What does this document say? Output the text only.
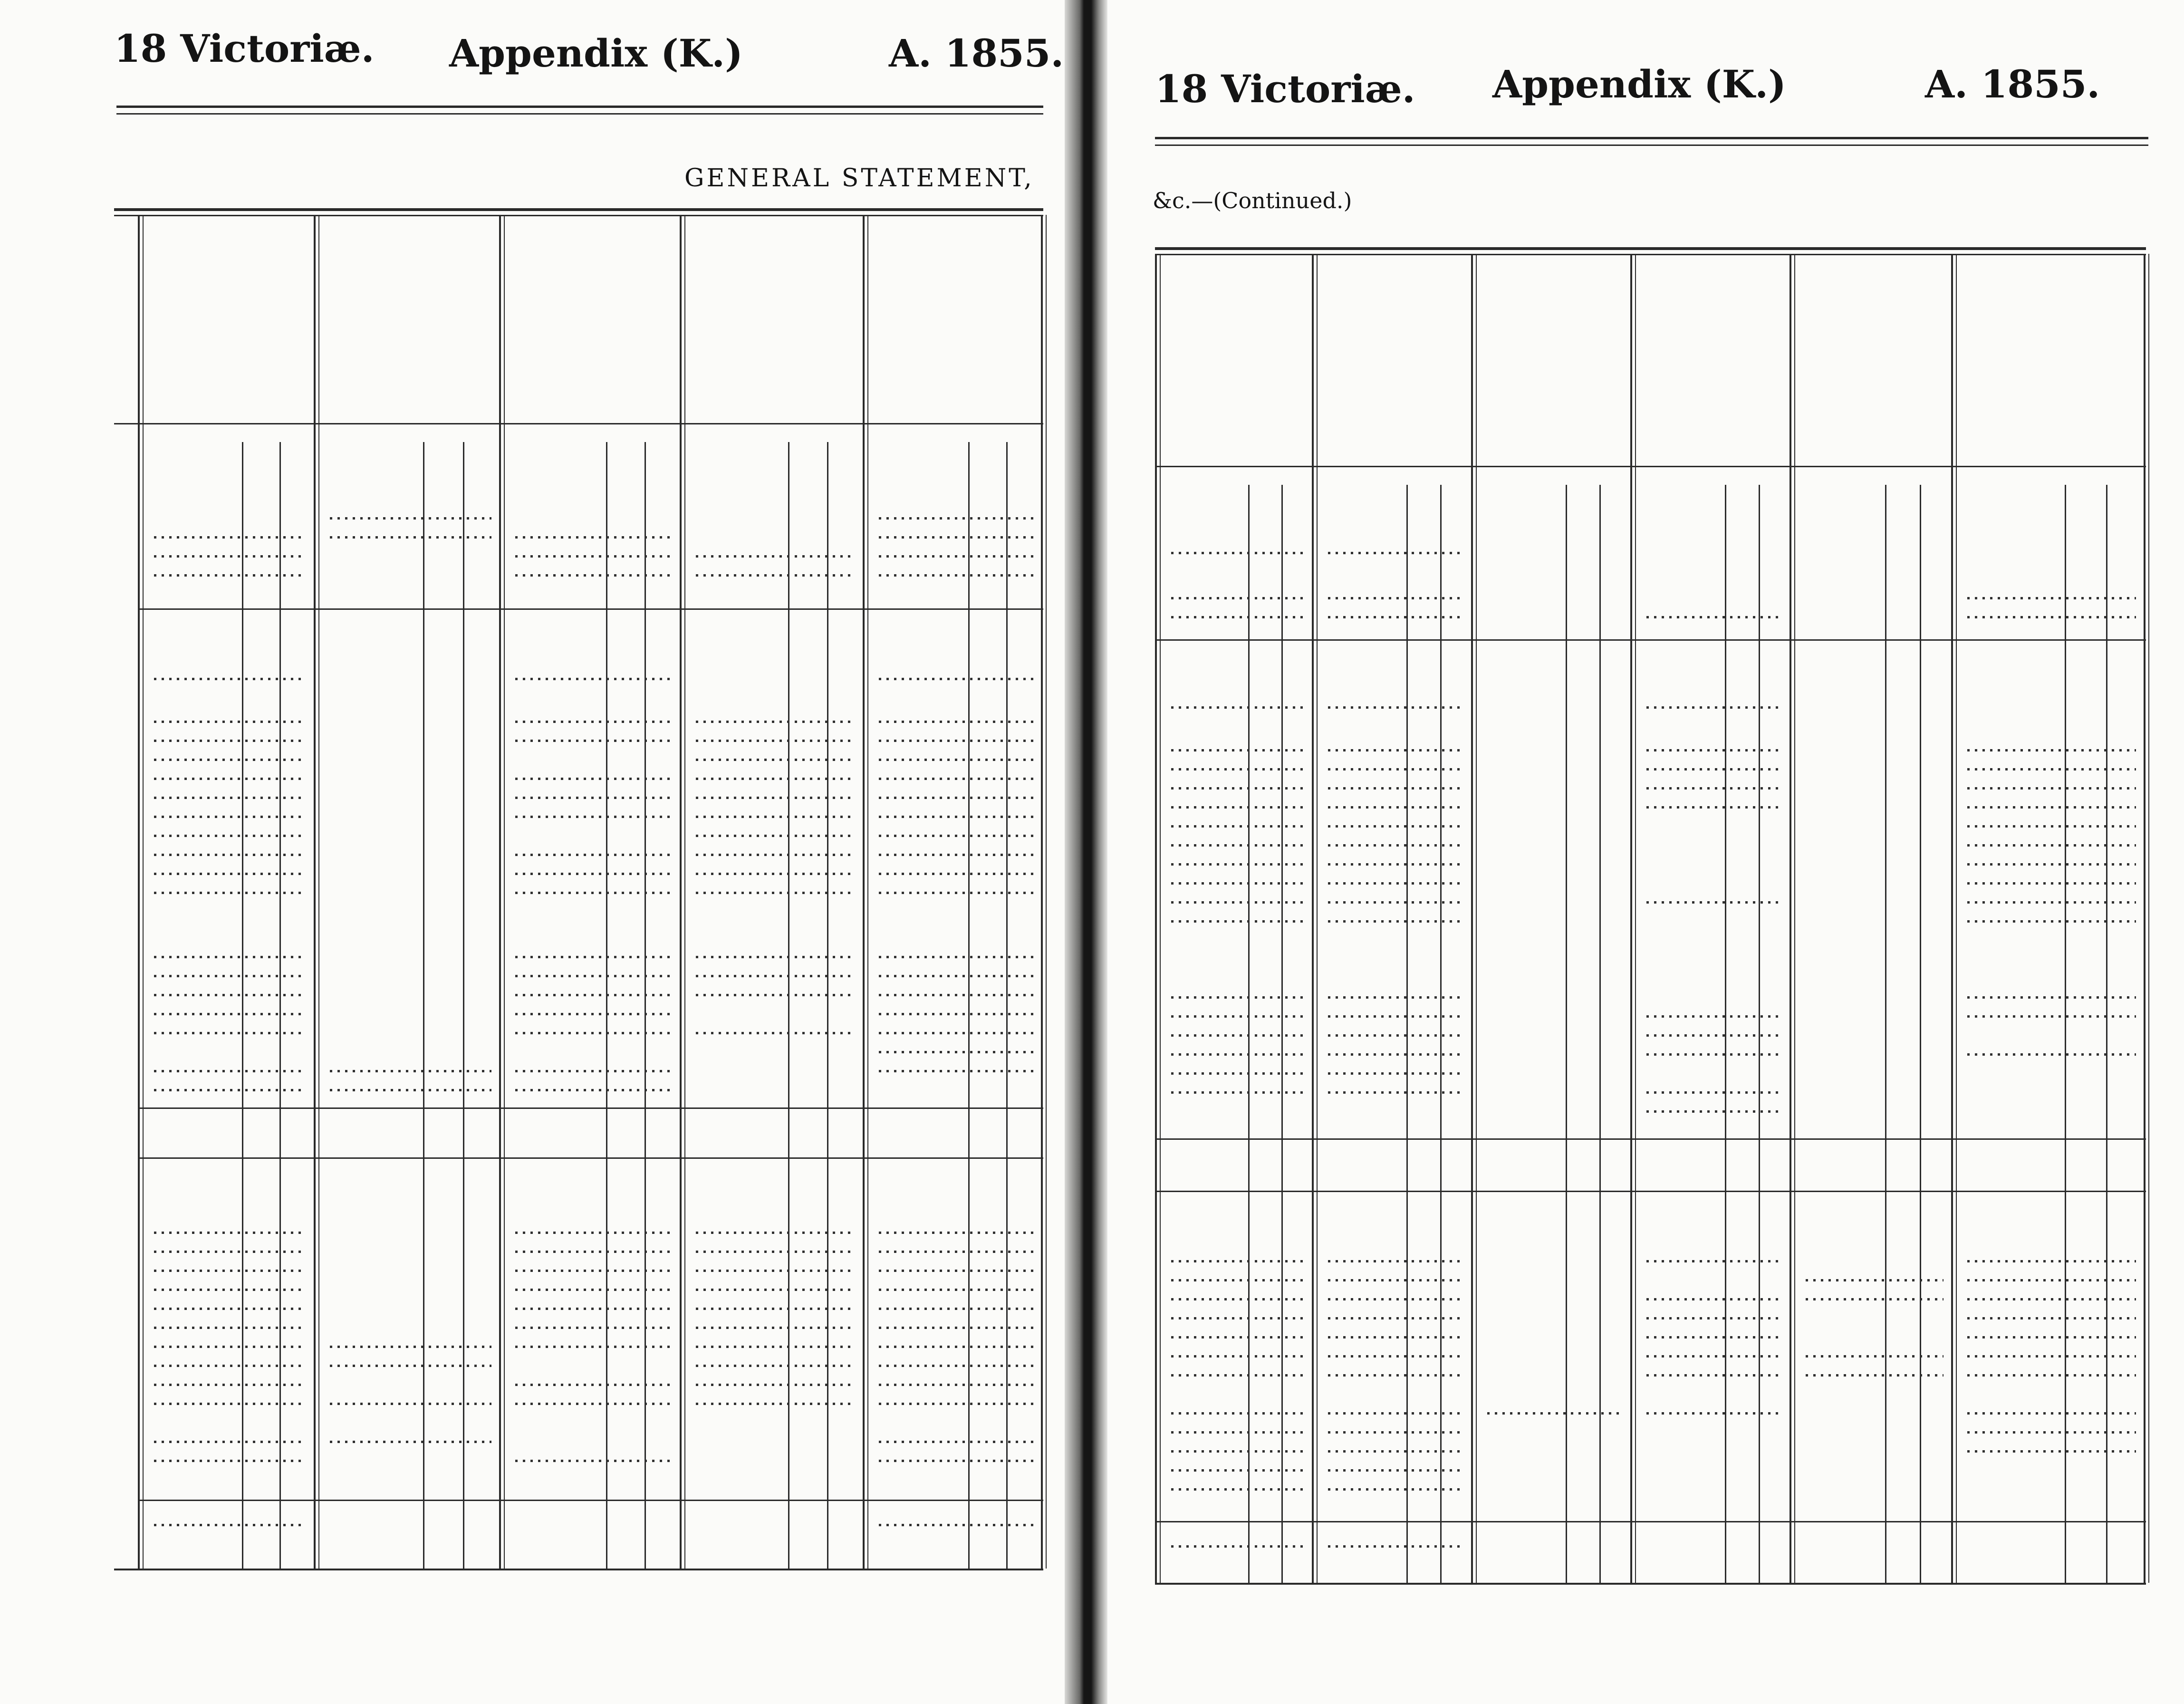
18 Victoriæ. Appendix (K.)	A. 1855.
GENERAL STATEMENT,
18 Victoriæ. Appendix (K.)	A. 1855.
&c.—(Continued.)
